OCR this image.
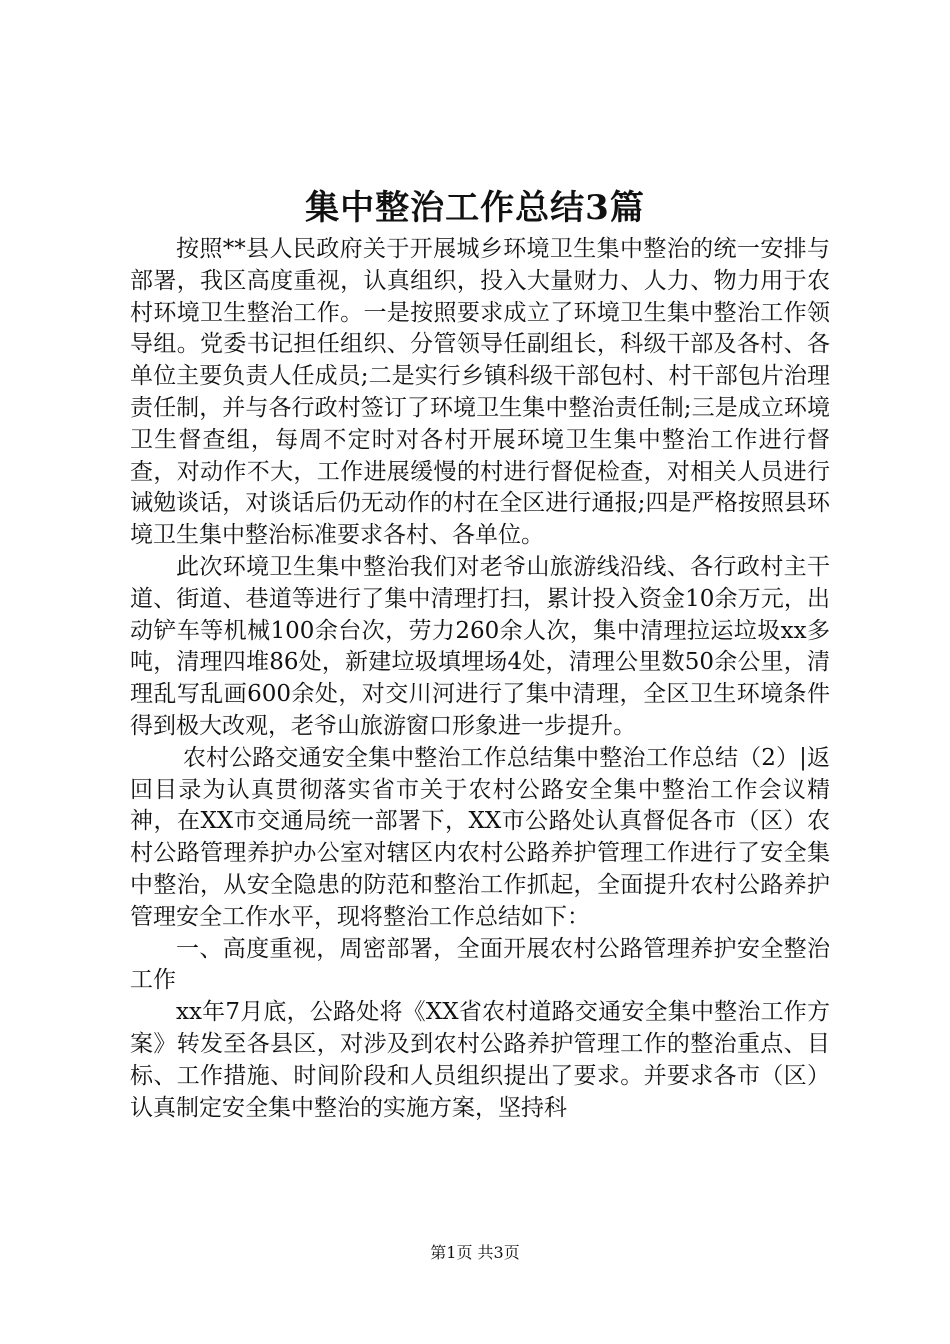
集中整治工作总结3篇

按照**县人民政府关于开展城乡环境卫生集中整治的统一安排与部署，我区高度重视，认真组织，投入大量财力、人力、物力用于农村环境卫生整治工作。一是按照要求成立了环境卫生集中整治工作领导组。党委书记担任组织、分管领导任副组长，科级干部及各村、各单位主要负责人任成员;二是实行乡镇科级干部包村、村干部包片治理责任制，并与各行政村签订了环境卫生集中整治责任制;三是成立环境卫生督查组，每周不定时对各村开展环境卫生集中整治工作进行督查，对动作不大，工作进展缓慢的村进行督促检查，对相关人员进行诫勉谈话，对谈话后仍无动作的村在全区进行通报;四是严格按照县环境卫生集中整治标准要求各村、各单位。

此次环境卫生集中整治我们对老爷山旅游线沿线、各行政村主干道、街道、巷道等进行了集中清理打扫，累计投入资金10余万元，出动铲车等机械100余台次，劳力260余人次，集中清理拉运垃圾xx多吨，清理四堆86处，新建垃圾填埋场4处，清理公里数50余公里，清理乱写乱画600余处，对交川河进行了集中清理，全区卫生环境条件得到极大改观，老爷山旅游窗口形象进一步提升。

农村公路交通安全集中整治工作总结集中整治工作总结（2）|返回目录为认真贯彻落实省市关于农村公路安全集中整治工作会议精神，在XX市交通局统一部署下，XX市公路处认真督促各市（区）农村公路管理养护办公室对辖区内农村公路养护管理工作进行了安全集中整治，从安全隐患的防范和整治工作抓起，全面提升农村公路养护管理安全工作水平，现将整治工作总结如下：

一、高度重视，周密部署，全面开展农村公路管理养护安全整治工作

xx年7月底，公路处将《XX省农村道路交通安全集中整治工作方案》转发至各县区，对涉及到农村公路养护管理工作的整治重点、目标、工作措施、时间阶段和人员组织提出了要求。并要求各市（区）认真制定安全集中整治的实施方案，坚持科

第1页 共3页
